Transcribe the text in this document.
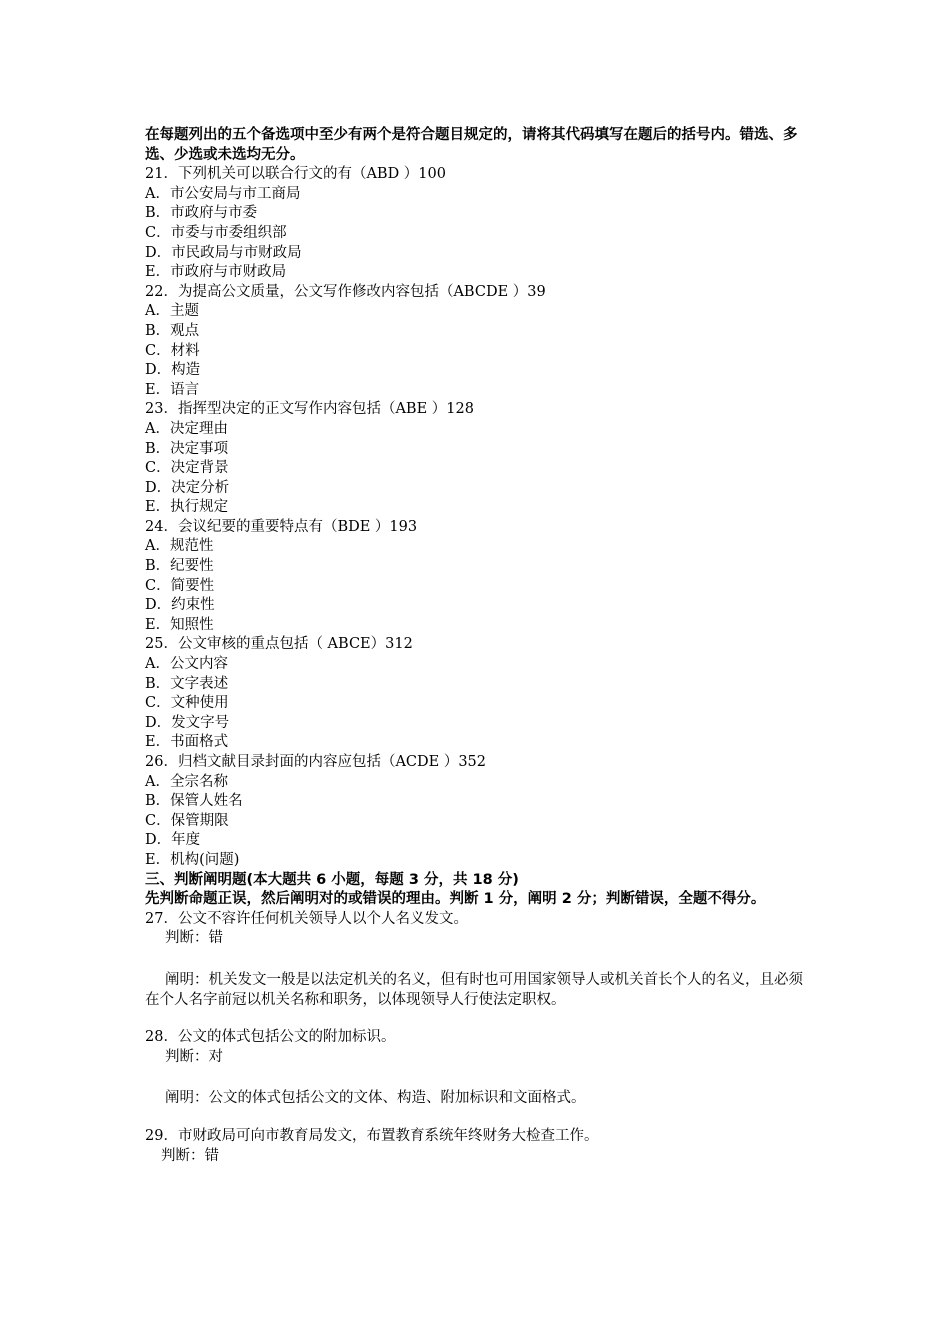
在每题列出的五个备选项中至少有两个是符合题目规定的，请将其代码填写在题后的括号内。错选、多选、少选或未选均无分。
21．下列机关可以联合行文的有（ABD ）100
A．市公安局与市工商局
B．市政府与市委
C．市委与市委组织部
D．市民政局与市财政局
E．市政府与市财政局
22．为提高公文质量，公文写作修改内容包括（ABCDE ）39
A．主题
B．观点
C．材料
D．构造
E．语言
23．指挥型决定的正文写作内容包括（ABE ）128
A．决定理由
B．决定事项
C．决定背景
D．决定分析
E．执行规定
24．会议纪要的重要特点有（BDE ）193
A．规范性
B．纪要性
C．简要性
D．约束性
E．知照性
25．公文审核的重点包括（ ABCE）312
A．公文内容
B．文字表述
C．文种使用
D．发文字号
E．书面格式
26．归档文献目录封面的内容应包括（ACDE ）352
A．全宗名称
B．保管人姓名
C．保管期限
D．年度
E．机构(问题)
三、判断阐明题(本大题共 6 小题，每题 3 分，共 18 分)
先判断命题正误，然后阐明对的或错误的理由。判断 1 分，阐明 2 分；判断错误，全题不得分。
27．公文不容许任何机关领导人以个人名义发文。
判断：错
阐明：机关发文一般是以法定机关的名义，但有时也可用国家领导人或机关首长个人的名义，且必须在个人名字前冠以机关名称和职务，以体现领导人行使法定职权。
28．公文的体式包括公文的附加标识。
判断：对
阐明：公文的体式包括公文的文体、构造、附加标识和文面格式。
29．市财政局可向市教育局发文，布置教育系统年终财务大检查工作。
判断：错
